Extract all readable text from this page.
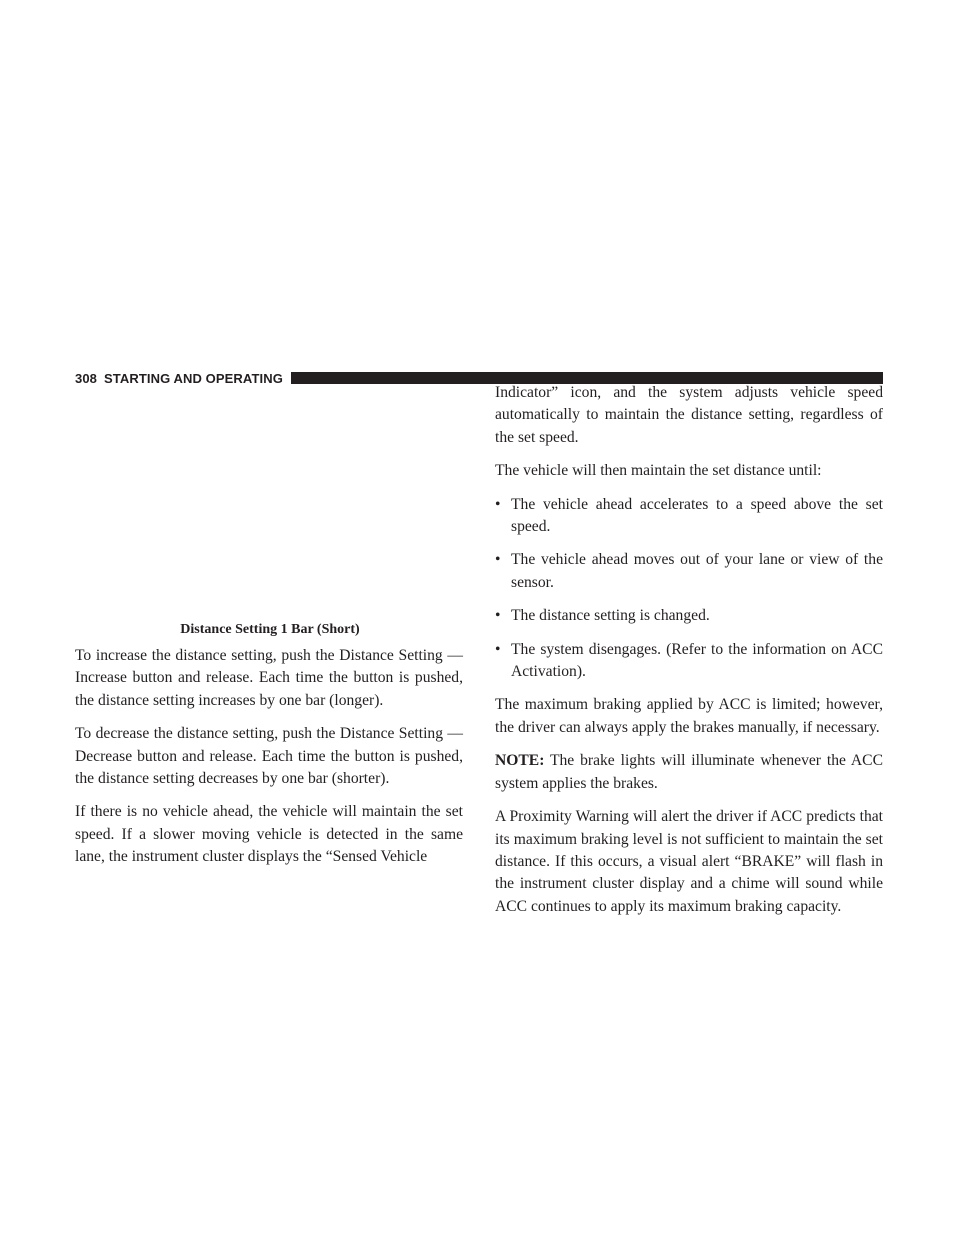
308 STARTING AND OPERATING
Distance Setting 1 Bar (Short)

To increase the distance setting, push the Distance Setting — Increase button and release. Each time the button is pushed, the distance setting increases by one bar (longer).

To decrease the distance setting, push the Distance Setting — Decrease button and release. Each time the button is pushed, the distance setting decreases by one bar (shorter).

If there is no vehicle ahead, the vehicle will maintain the set speed. If a slower moving vehicle is detected in the same lane, the instrument cluster displays the “Sensed Vehicle

Indicator” icon, and the system adjusts vehicle speed automatically to maintain the distance setting, regardless of the set speed.

The vehicle will then maintain the set distance until:

• The vehicle ahead accelerates to a speed above the set speed.
• The vehicle ahead moves out of your lane or view of the sensor.
• The distance setting is changed.
• The system disengages. (Refer to the information on ACC Activation).

The maximum braking applied by ACC is limited; however, the driver can always apply the brakes manually, if necessary.

NOTE: The brake lights will illuminate whenever the ACC system applies the brakes.

A Proximity Warning will alert the driver if ACC predicts that its maximum braking level is not sufficient to maintain the set distance. If this occurs, a visual alert “BRAKE” will flash in the instrument cluster display and a chime will sound while ACC continues to apply its maximum braking capacity.
